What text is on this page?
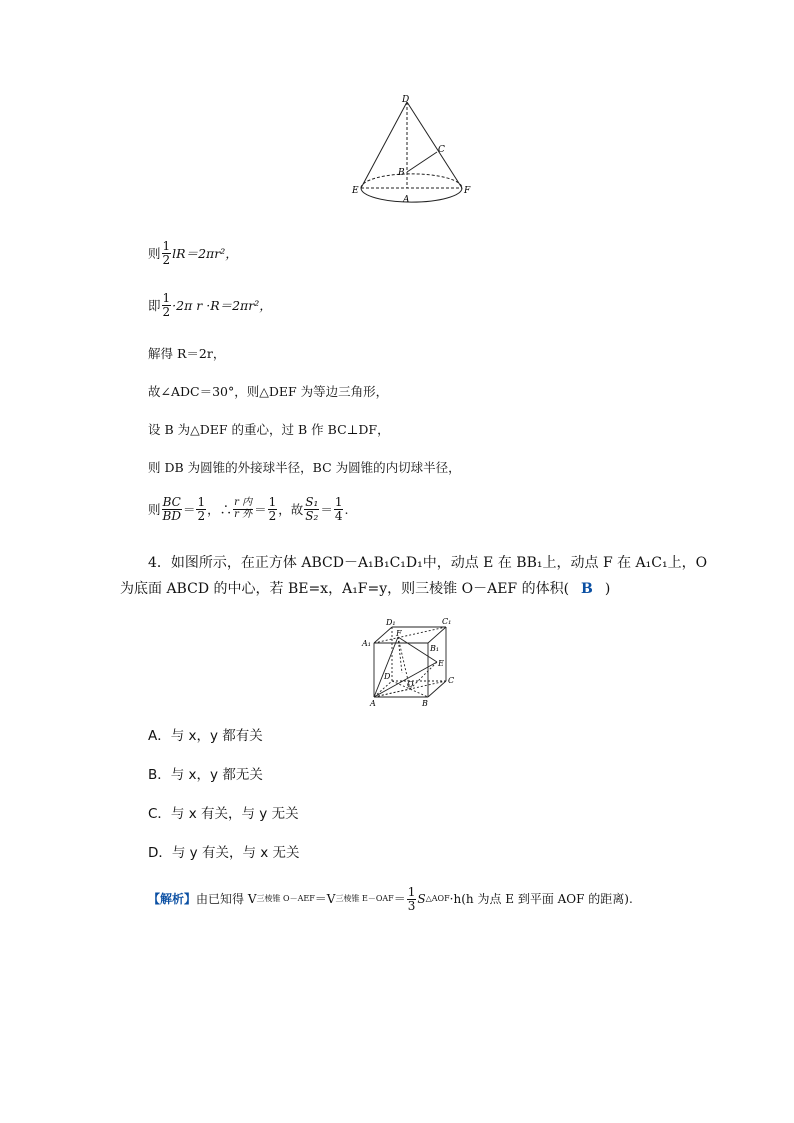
D
C
B
E
A
F
则 $\frac{1}{2} lR=2\pi r^2$，
即 $\frac{1}{2} \cdot 2\pi$ r ·R＝2πr²，
解得 R＝2r，
故∠ADC＝30°，则△DEF 为等边三角形，
设 B 为△DEF 的重心，过 B 作 BC⊥DF，
则 DB 为圆锥的外接球半径，BC 为圆锥的内切球半径，
则 $\frac{BC}{BD} = \frac{1}{2}$ ，∴ $\frac{\text{r 内}}{\text{r 外}} = \frac{1}{2}$ ，故 $\frac{\text{S₁}}{\text{S₂}} = \frac{1}{4}$ .
4．如图所示，在正方体 ABCD－A₁B₁C₁D₁中，动点 E 在 BB₁上，动点 F 在 A₁C₁上，O
为底面 ABCD 的中心，若 BE=x，A₁F=y，则三棱锥 O－AEF 的体积( B )
D₁	C₁
A₁
F
B₁
E
D
O	C
A	B
A．与 x，y 都有关
B．与 x，y 都无关
C．与 x 有关，与 y 无关
D．与 y 有关，与 x 无关
【解析】 由已知得 V 三棱锥 O－AEF ＝V 三棱锥 $E-OAF = \frac{1}{3}$ S △AOF ·h(h 为点 E 到平面 AOF 的距离).
